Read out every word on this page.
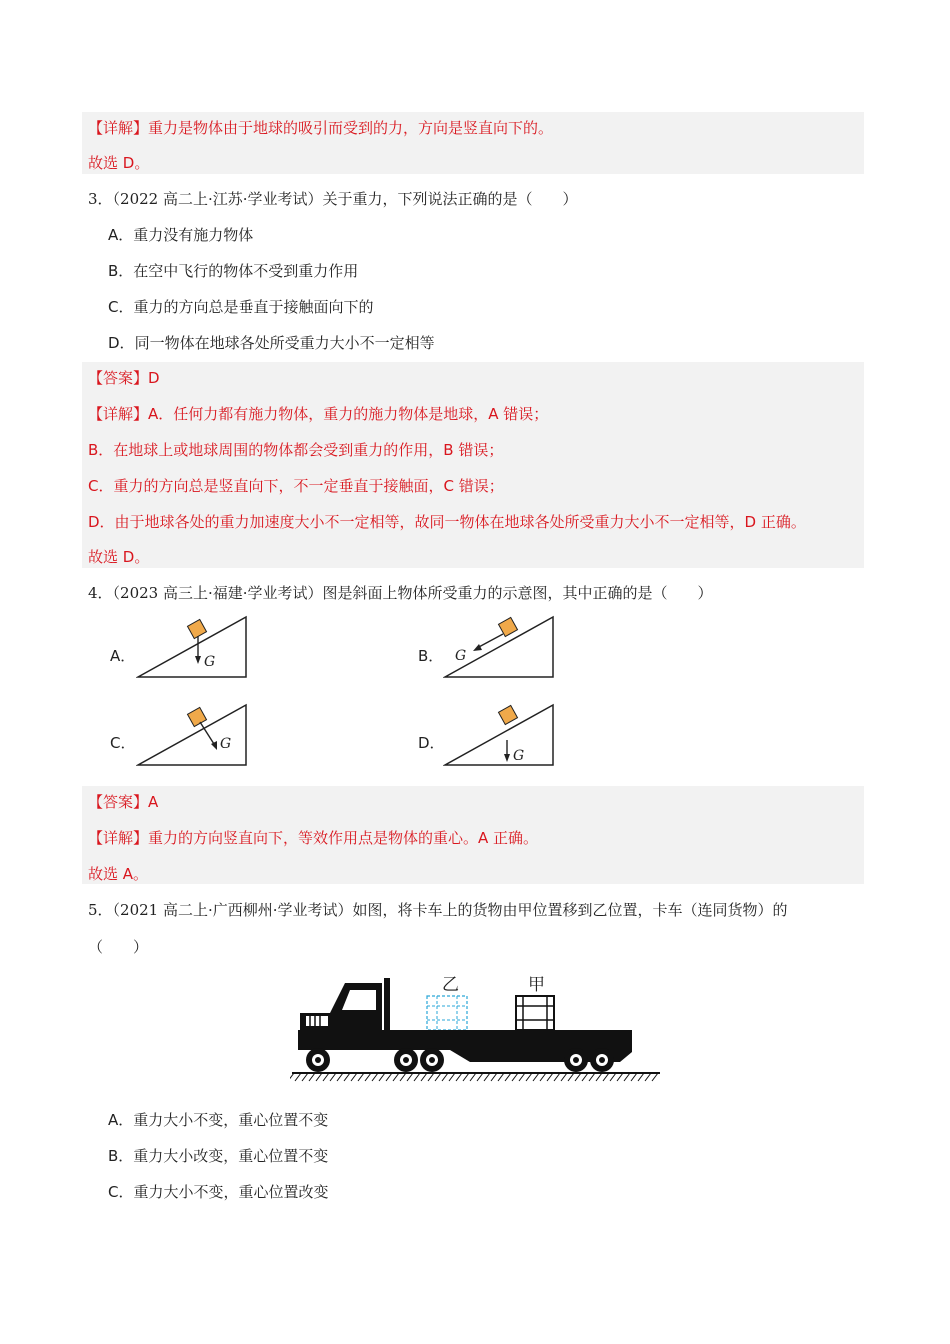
【详解】重力是物体由于地球的吸引而受到的力，方向是竖直向下的。
故选 D。
3．（2022 高二上·江苏·学业考试）关于重力，下列说法正确的是（　　）
A．重力没有施力物体
B．在空中飞行的物体不受到重力作用
C．重力的方向总是垂直于接触面向下的
D．同一物体在地球各处所受重力大小不一定相等
【答案】D
【详解】A．任何力都有施力物体，重力的施力物体是地球，A 错误；
B．在地球上或地球周围的物体都会受到重力的作用，B 错误；
C．重力的方向总是竖直向下，不一定垂直于接触面，C 错误；
D．由于地球各处的重力加速度大小不一定相等，故同一物体在地球各处所受重力大小不一定相等，D 正确。
故选 D。
4．（2023 高三上·福建·学业考试）图是斜面上物体所受重力的示意图，其中正确的是（　　）
A．	G	B． G
C．	G	D．
G
【答案】A
【详解】重力的方向竖直向下，等效作用点是物体的重心。A 正确。
故选 A。
5．（2021 高二上·广西柳州·学业考试）如图，将卡车上的货物由甲位置移到乙位置，卡车（连同货物）的
（　　）
乙	甲
A．重力大小不变，重心位置不变
B．重力大小改变，重心位置不变
C．重力大小不变，重心位置改变
